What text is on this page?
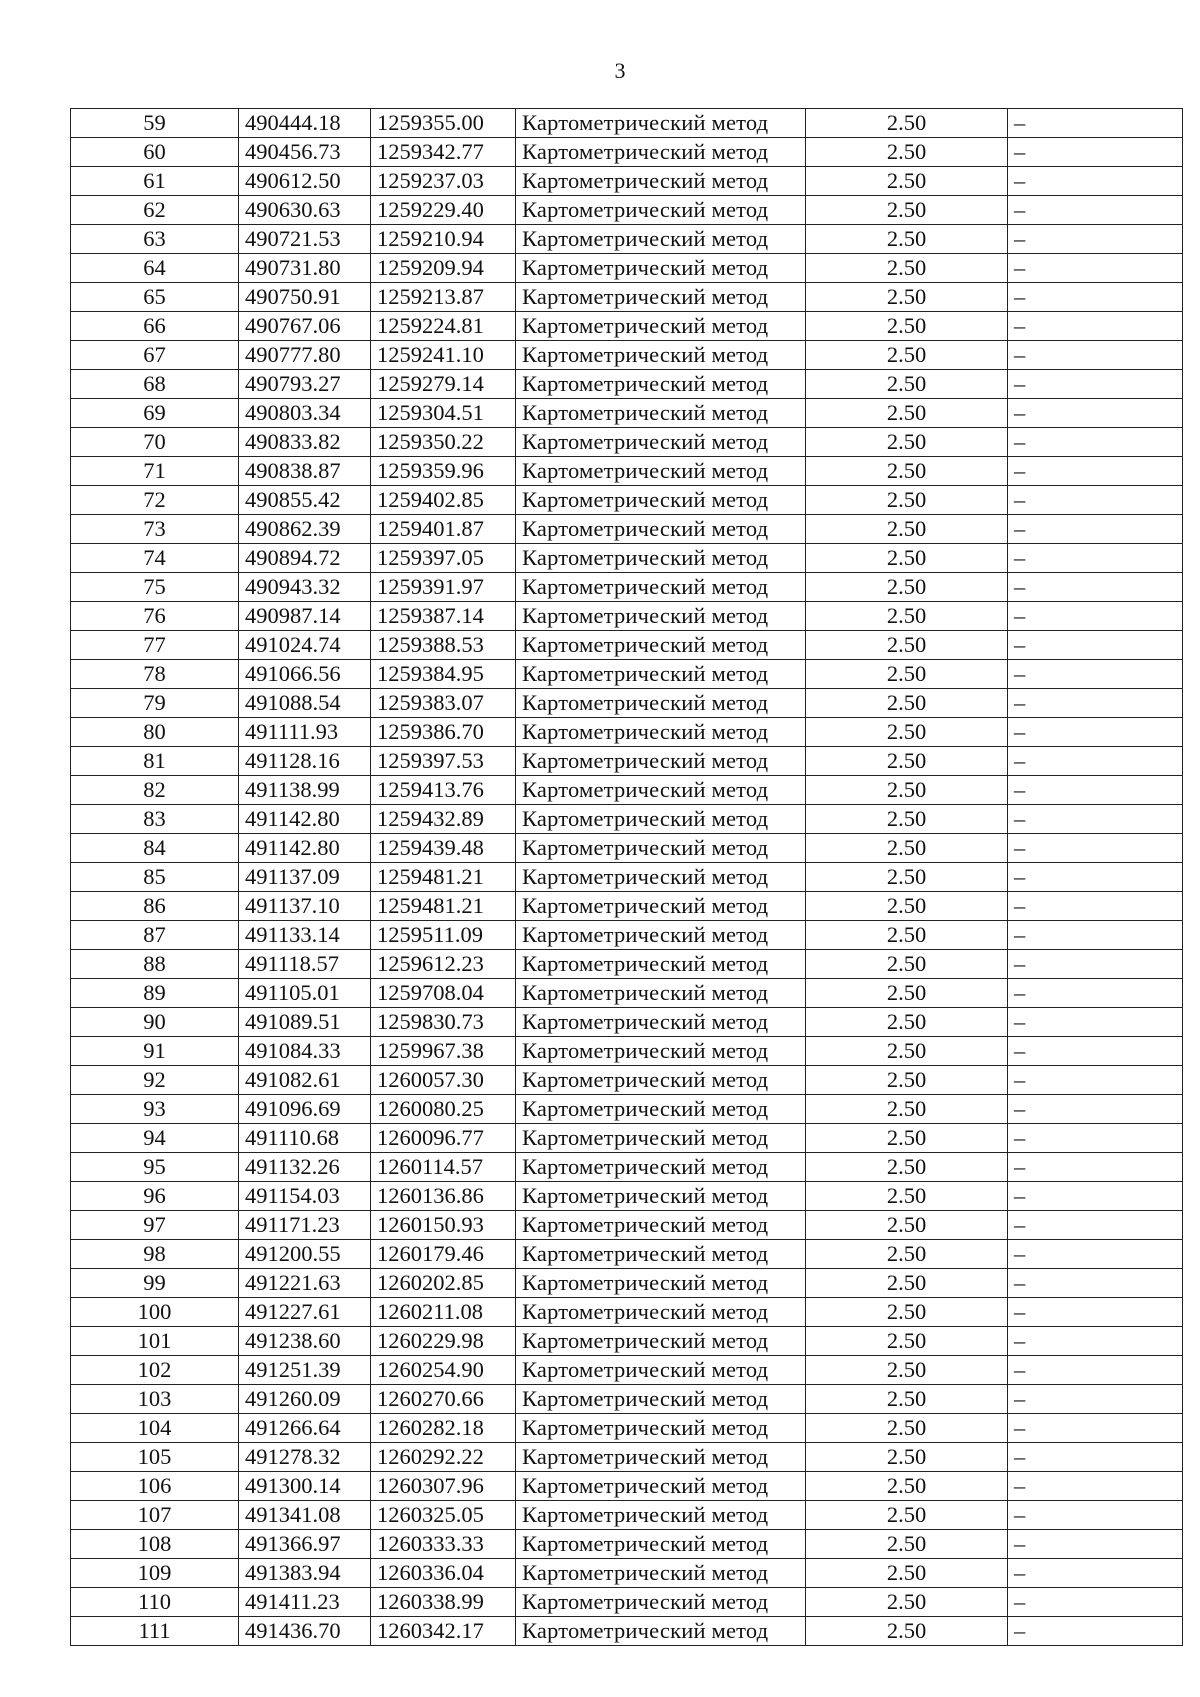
3
59	490444.18	1259355.00	Картометрический метод	2.50	–
60	490456.73	1259342.77	Картометрический метод	2.50	–
61	490612.50	1259237.03	Картометрический метод	2.50	–
62	490630.63	1259229.40	Картометрический метод	2.50	–
63	490721.53	1259210.94	Картометрический метод	2.50	–
64	490731.80	1259209.94	Картометрический метод	2.50	–
65	490750.91	1259213.87	Картометрический метод	2.50	–
66	490767.06	1259224.81	Картометрический метод	2.50	–
67	490777.80	1259241.10	Картометрический метод	2.50	–
68	490793.27	1259279.14	Картометрический метод	2.50	–
69	490803.34	1259304.51	Картометрический метод	2.50	–
70	490833.82	1259350.22	Картометрический метод	2.50	–
71	490838.87	1259359.96	Картометрический метод	2.50	–
72	490855.42	1259402.85	Картометрический метод	2.50	–
73	490862.39	1259401.87	Картометрический метод	2.50	–
74	490894.72	1259397.05	Картометрический метод	2.50	–
75	490943.32	1259391.97	Картометрический метод	2.50	–
76	490987.14	1259387.14	Картометрический метод	2.50	–
77	491024.74	1259388.53	Картометрический метод	2.50	–
78	491066.56	1259384.95	Картометрический метод	2.50	–
79	491088.54	1259383.07	Картометрический метод	2.50	–
80	491111.93	1259386.70	Картометрический метод	2.50	–
81	491128.16	1259397.53	Картометрический метод	2.50	–
82	491138.99	1259413.76	Картометрический метод	2.50	–
83	491142.80	1259432.89	Картометрический метод	2.50	–
84	491142.80	1259439.48	Картометрический метод	2.50	–
85	491137.09	1259481.21	Картометрический метод	2.50	–
86	491137.10	1259481.21	Картометрический метод	2.50	–
87	491133.14	1259511.09	Картометрический метод	2.50	–
88	491118.57	1259612.23	Картометрический метод	2.50	–
89	491105.01	1259708.04	Картометрический метод	2.50	–
90	491089.51	1259830.73	Картометрический метод	2.50	–
91	491084.33	1259967.38	Картометрический метод	2.50	–
92	491082.61	1260057.30	Картометрический метод	2.50	–
93	491096.69	1260080.25	Картометрический метод	2.50	–
94	491110.68	1260096.77	Картометрический метод	2.50	–
95	491132.26	1260114.57	Картометрический метод	2.50	–
96	491154.03	1260136.86	Картометрический метод	2.50	–
97	491171.23	1260150.93	Картометрический метод	2.50	–
98	491200.55	1260179.46	Картометрический метод	2.50	–
99	491221.63	1260202.85	Картометрический метод	2.50	–
100	491227.61	1260211.08	Картометрический метод	2.50	–
101	491238.60	1260229.98	Картометрический метод	2.50	–
102	491251.39	1260254.90	Картометрический метод	2.50	–
103	491260.09	1260270.66	Картометрический метод	2.50	–
104	491266.64	1260282.18	Картометрический метод	2.50	–
105	491278.32	1260292.22	Картометрический метод	2.50	–
106	491300.14	1260307.96	Картометрический метод	2.50	–
107	491341.08	1260325.05	Картометрический метод	2.50	–
108	491366.97	1260333.33	Картометрический метод	2.50	–
109	491383.94	1260336.04	Картометрический метод	2.50	–
110	491411.23	1260338.99	Картометрический метод	2.50	–
111	491436.70	1260342.17	Картометрический метод	2.50	–
